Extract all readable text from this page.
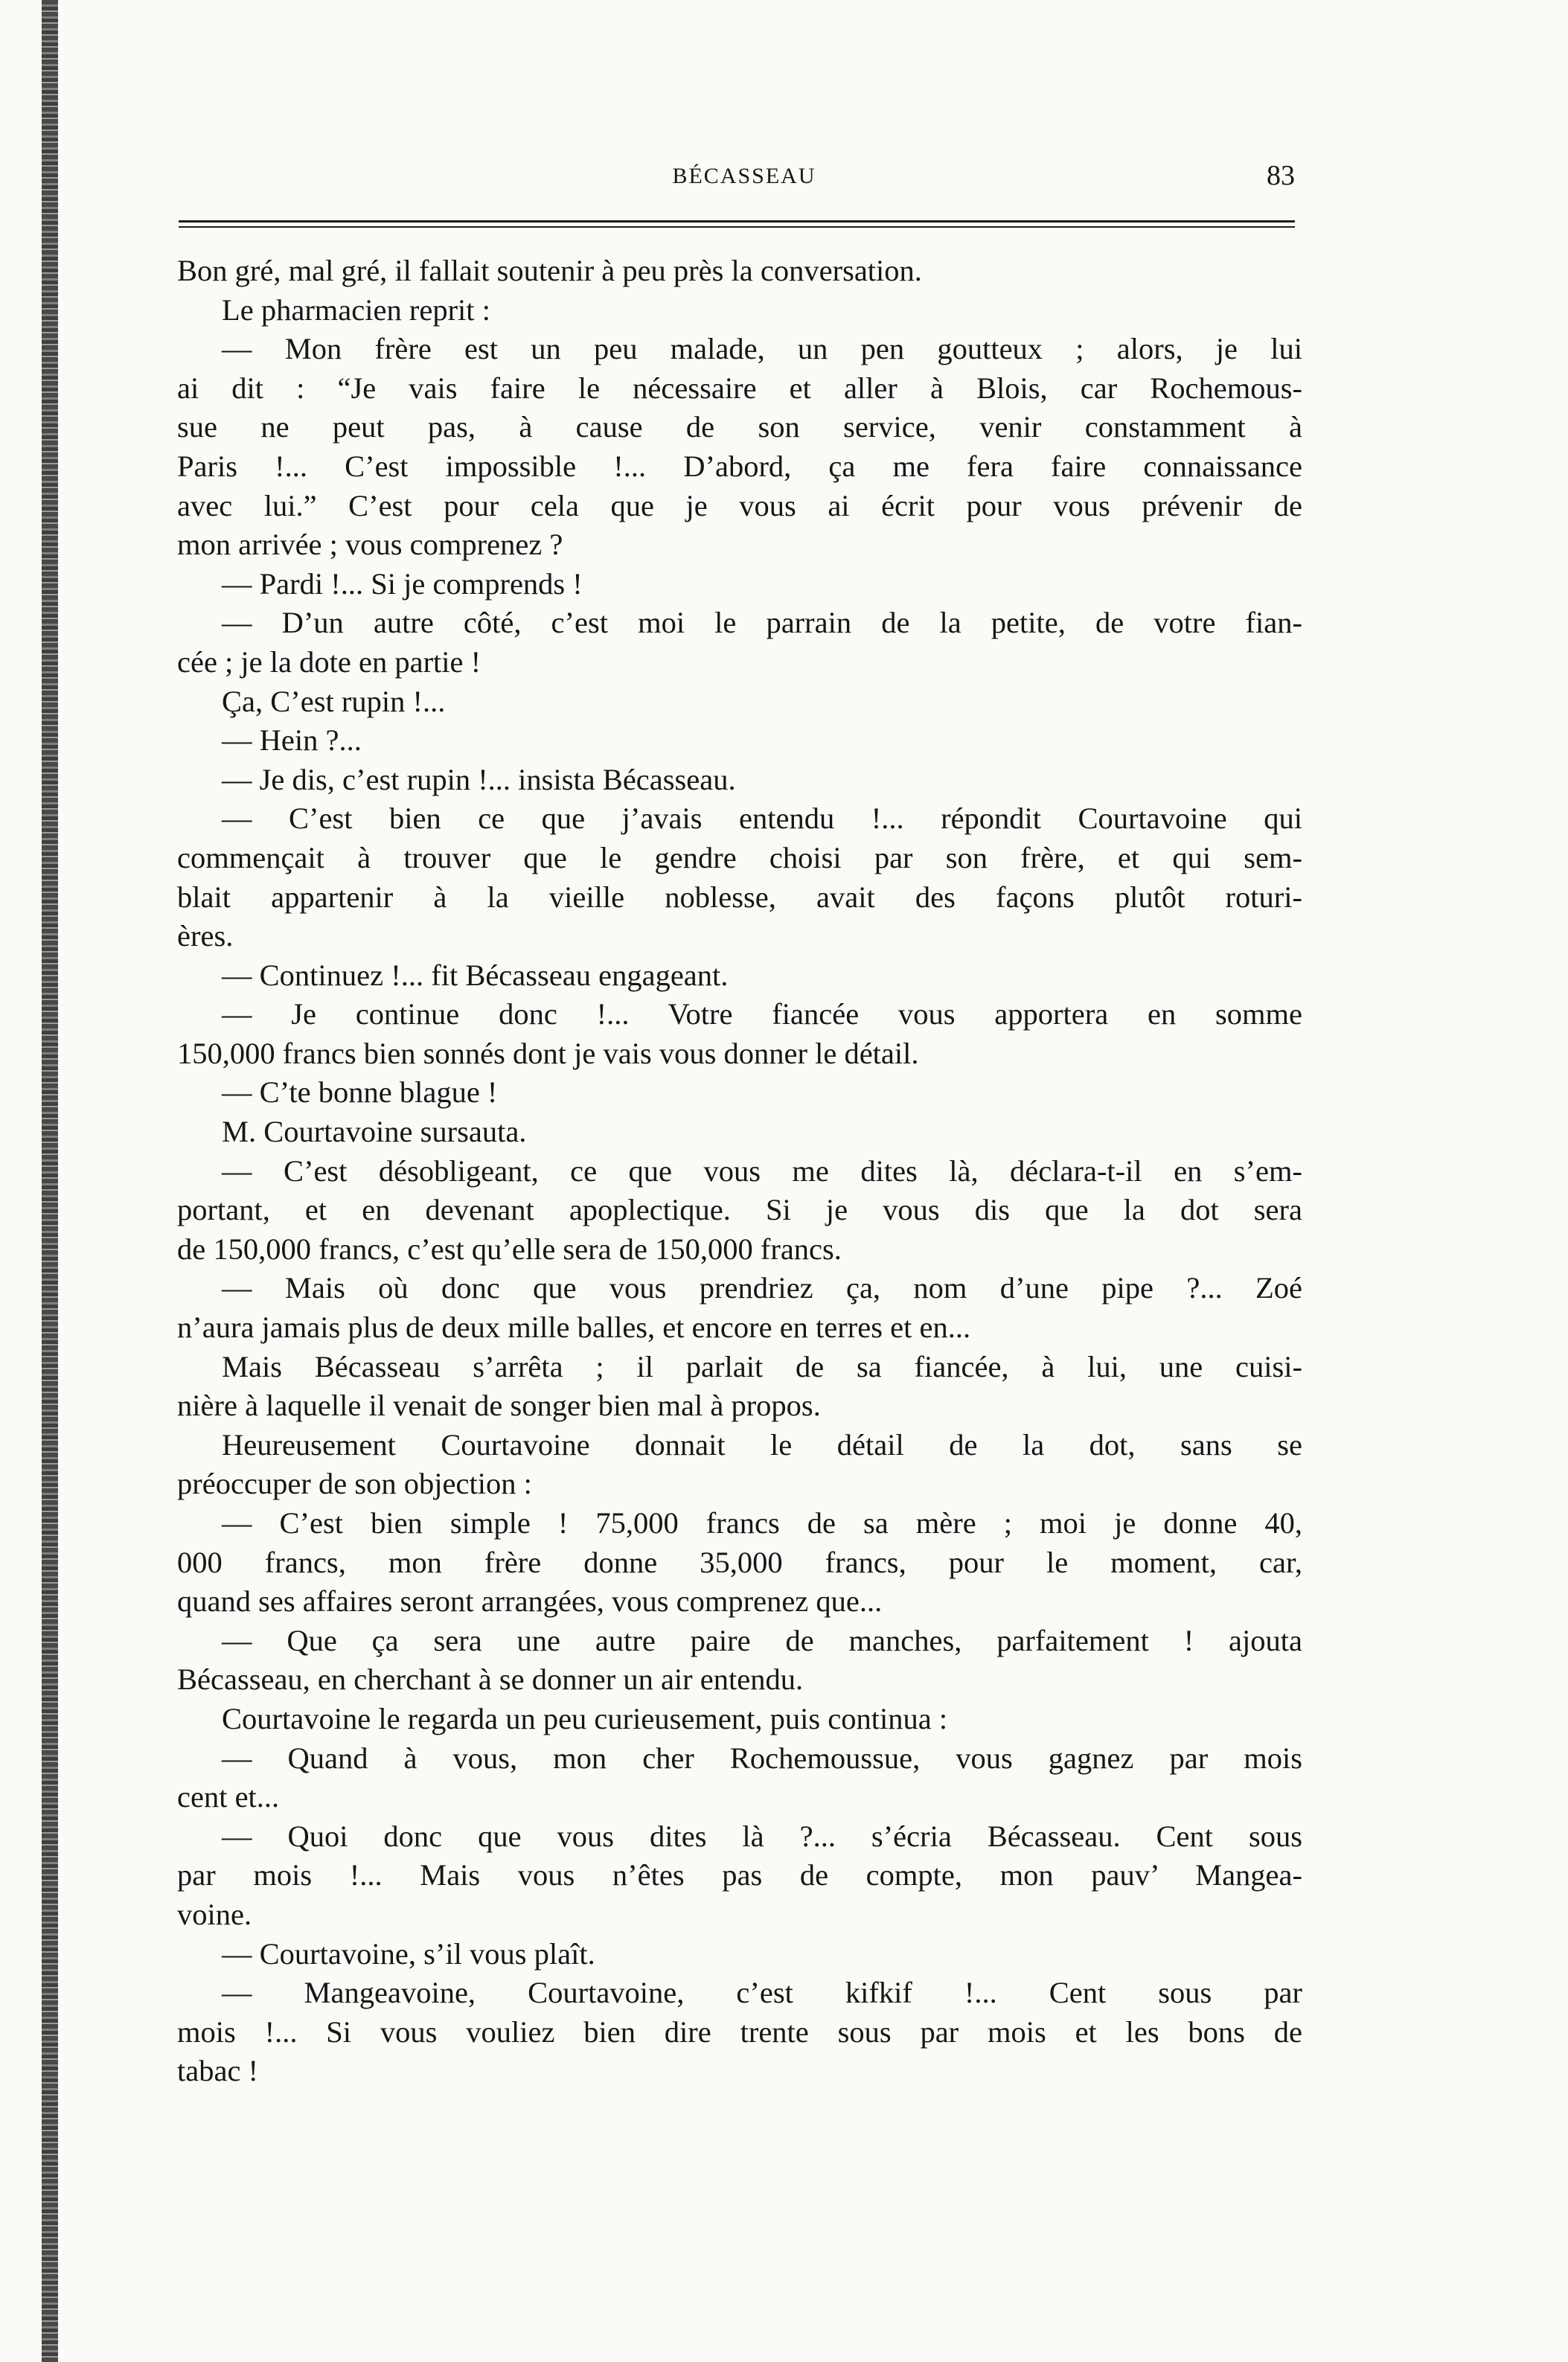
BÉCASSEAU	83
Bon gré, mal gré, il fallait soutenir à peu près la conversation.
Le pharmacien reprit :
— Mon frère est un peu malade, un pen goutteux ; alors, je lui
ai dit : “Je vais faire le nécessaire et aller à Blois, car Rochemous-
sue ne peut pas, à cause de son service, venir constamment à
Paris !... C’est impossible !... D’abord, ça me fera faire connaissance
avec lui.” C’est pour cela que je vous ai écrit pour vous prévenir de
mon arrivée ; vous comprenez ?
— Pardi !... Si je comprends !
— D’un autre côté, c’est moi le parrain de la petite, de votre fian-
cée ; je la dote en partie !
Ça, C’est rupin !...
— Hein ?...
— Je dis, c’est rupin !... insista Bécasseau.
— C’est bien ce que j’avais entendu !... répondit Courtavoine qui
commençait à trouver que le gendre choisi par son frère, et qui sem-
blait appartenir à la vieille noblesse, avait des façons plutôt roturi-
ères.
— Continuez !... fit Bécasseau engageant.
— Je continue donc !... Votre fiancée vous apportera en somme
150,000 francs bien sonnés dont je vais vous donner le détail.
— C’te bonne blague !
M. Courtavoine sursauta.
— C’est désobligeant, ce que vous me dites là, déclara-t-il en s’em-
portant, et en devenant apoplectique. Si je vous dis que la dot sera
de 150,000 francs, c’est qu’elle sera de 150,000 francs.
— Mais où donc que vous prendriez ça, nom d’une pipe ?... Zoé
n’aura jamais plus de deux mille balles, et encore en terres et en...
Mais Bécasseau s’arrêta ; il parlait de sa fiancée, à lui, une cuisi-
nière à laquelle il venait de songer bien mal à propos.
Heureusement Courtavoine donnait le détail de la dot, sans se
préoccuper de son objection :
— C’est bien simple ! 75,000 francs de sa mère ; moi je donne 40,
000 francs, mon frère donne 35,000 francs, pour le moment, car,
quand ses affaires seront arrangées, vous comprenez que...
— Que ça sera une autre paire de manches, parfaitement ! ajouta
Bécasseau, en cherchant à se donner un air entendu.
Courtavoine le regarda un peu curieusement, puis continua :
— Quand à vous, mon cher Rochemoussue, vous gagnez par mois
cent et...
— Quoi donc que vous dites là ?... s’écria Bécasseau. Cent sous
par mois !... Mais vous n’êtes pas de compte, mon pauv’ Mangea-
voine.
— Courtavoine, s’il vous plaît.
— Mangeavoine, Courtavoine, c’est kifkif !... Cent sous par
mois !... Si vous vouliez bien dire trente sous par mois et les bons de
tabac !
